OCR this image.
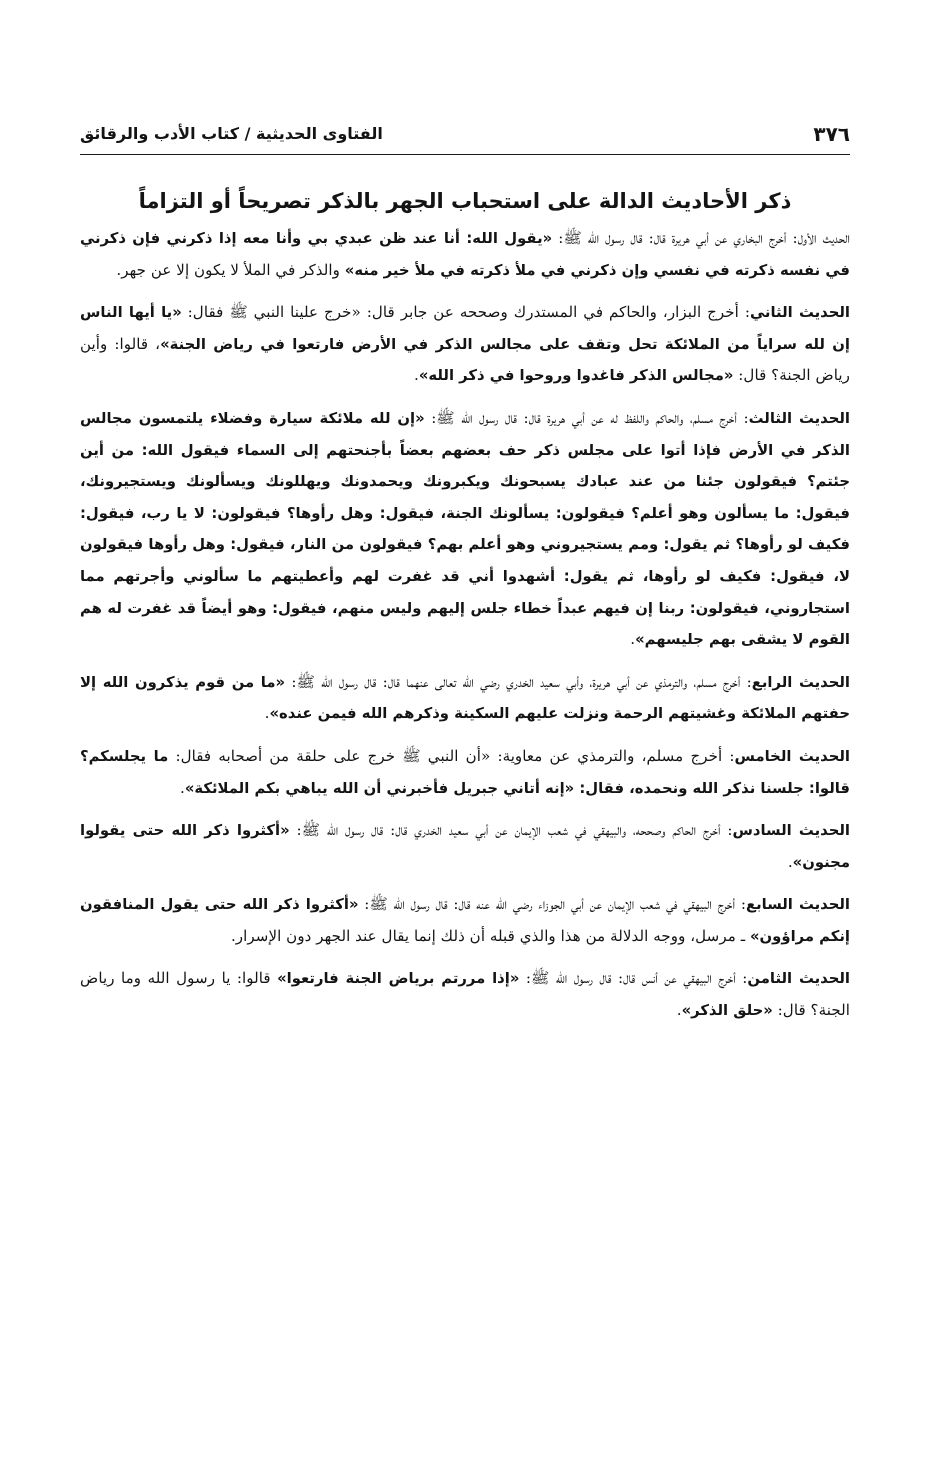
٣٧٦
الفتاوى الحديثية / كتاب الأدب والرقائق
ذكر الأحاديث الدالة على استحباب الجهر بالذكر تصريحاً أو التزاماً

الحديث الأول: أخرج البخاري عن أبي هريرة قال: قال رسول الله ﷺ: «يقول الله: أنا عند ظن عبدي بي وأنا معه إذا ذكرني فإن ذكرني في نفسه ذكرته في نفسي وإن ذكرني في ملأ ذكرته في ملأ خير منه» والذكر في الملأ لا يكون إلا عن جهر.

الحديث الثاني: أخرج البزار، والحاكم في المستدرك وصححه عن جابر قال: «خرج علينا النبي ﷺ فقال: «يا أيها الناس إن لله سراياً من الملائكة تحل وتقف على مجالس الذكر في الأرض فارتعوا في رياض الجنة»، قالوا: وأين رياض الجنة؟ قال: «مجالس الذكر فاغدوا وروحوا في ذكر الله».

الحديث الثالث: أخرج مسلم، والحاكم واللفظ له عن أبي هريرة قال: قال رسول الله ﷺ: «إن لله ملائكة سيارة وفضلاء يلتمسون مجالس الذكر في الأرض فإذا أتوا على مجلس ذكر حف بعضهم بعضاً بأجنحتهم إلى السماء فيقول الله: من أين جئتم؟ فيقولون جئنا من عند عبادك يسبحونك ويكبرونك ويحمدونك ويهللونك ويسألونك ويستجيرونك، فيقول: ما يسألون وهو أعلم؟ فيقولون: يسألونك الجنة، فيقول: وهل رأوها؟ فيقولون: لا يا رب، فيقول: فكيف لو رأوها؟ ثم يقول: ومم يستجيروني وهو أعلم بهم؟ فيقولون من النار، فيقول: وهل رأوها فيقولون لا، فيقول: فكيف لو رأوها، ثم يقول: أشهدوا أني قد غفرت لهم وأعطيتهم ما سألوني وأجرتهم مما استجاروني، فيقولون: ربنا إن فيهم عبداً خطاء جلس إليهم وليس منهم، فيقول: وهو أيضاً قد غفرت له هم القوم لا يشقى بهم جليسهم».

الحديث الرابع: أخرج مسلم، والترمذي عن أبي هريرة، وأبي سعيد الخدري رضي الله تعالى عنهما قال: قال رسول الله ﷺ: «ما من قوم يذكرون الله إلا حفتهم الملائكة وغشيتهم الرحمة ونزلت عليهم السكينة وذكرهم الله فيمن عنده».

الحديث الخامس: أخرج مسلم، والترمذي عن معاوية: «أن النبي ﷺ خرج على حلقة من أصحابه فقال: ما يجلسكم؟ قالوا: جلسنا نذكر الله ونحمده، فقال: «إنه أتاني جبريل فأخبرني أن الله يباهي بكم الملائكة».

الحديث السادس: أخرج الحاكم وصححه، والبيهقي في شعب الإيمان عن أبي سعيد الخدري قال: قال رسول الله ﷺ: «أكثروا ذكر الله حتى يقولوا مجنون».

الحديث السابع: أخرج البيهقي في شعب الإيمان عن أبي الجوزاء رضي الله عنه قال: قال رسول الله ﷺ: «أكثروا ذكر الله حتى يقول المنافقون إنكم مراؤون» ـ مرسل، ووجه الدلالة من هذا والذي قبله أن ذلك إنما يقال عند الجهر دون الإسرار.

الحديث الثامن: أخرج البيهقي عن أنس قال: قال رسول الله ﷺ: «إذا مررتم برياض الجنة فارتعوا» قالوا: يا رسول الله وما رياض الجنة؟ قال: «حلق الذكر».
